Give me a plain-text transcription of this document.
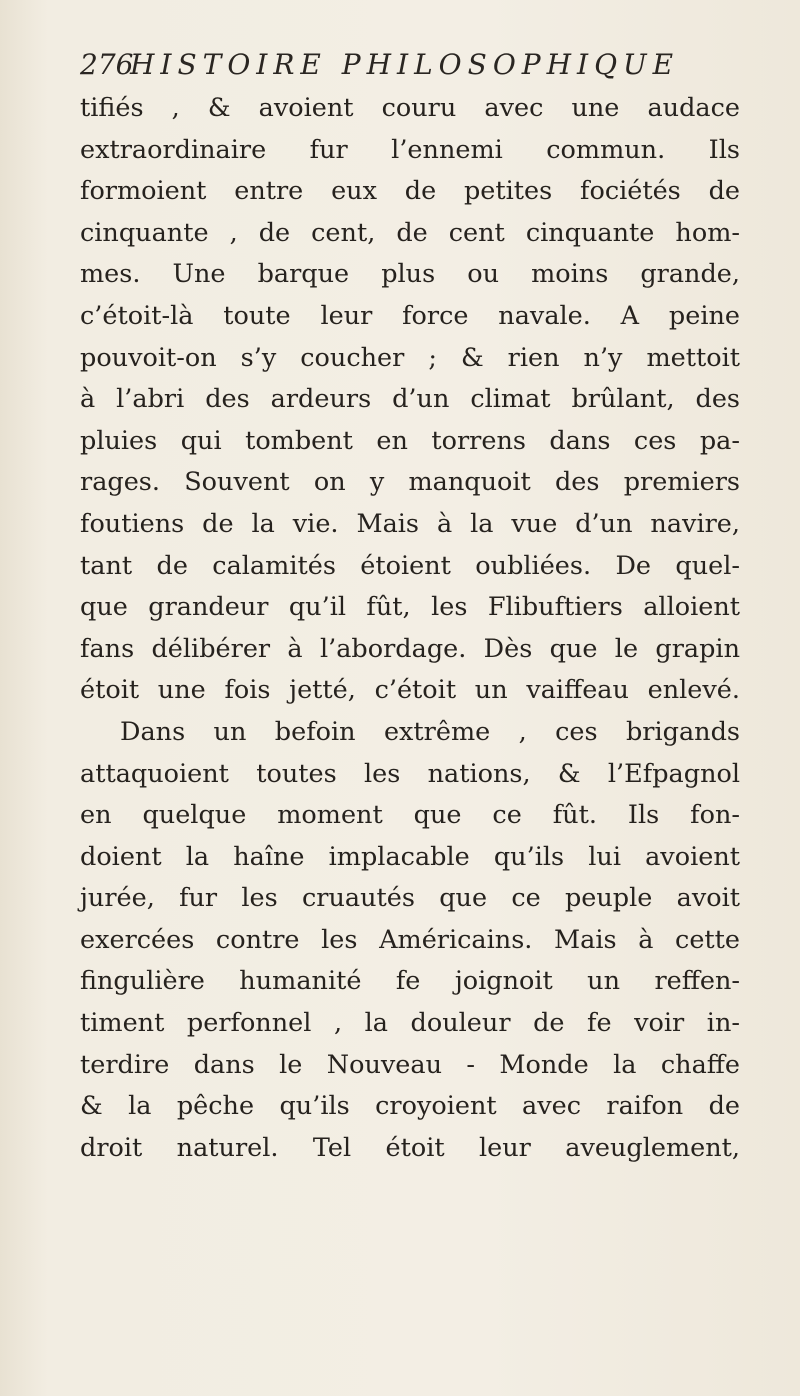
276
HISTOIRE PHILOSOPHIQUE
tifiés , & avoient couru avec une audace
extraordinaire fur l’ennemi commun. Ils
formoient entre eux de petites fociétés de
cinquante , de cent, de cent cinquante hom-
mes. Une barque plus ou moins grande,
c’étoit-là toute leur force navale. A peine
pouvoit-on s’y coucher ; & rien n’y mettoit
à l’abri des ardeurs d’un climat brûlant, des
pluies qui tombent en torrens dans ces pa-
rages. Souvent on y manquoit des premiers
foutiens de la vie. Mais à la vue d’un navire,
tant de calamités étoient oubliées. De quel-
que grandeur qu’il fût, les Flibuftiers alloient
fans délibérer à l’abordage. Dès que le grapin
étoit une fois jetté, c’étoit un vaiffeau enlevé.
Dans un befoin extrême , ces brigands
attaquoient toutes les nations, & l’Efpagnol
en quelque moment que ce fût. Ils fon-
doient la haîne implacable qu’ils lui avoient
jurée, fur les cruautés que ce peuple avoit
exercées contre les Américains. Mais à cette
fingulière humanité fe joignoit un reffen-
timent perfonnel , la douleur de fe voir in-
terdire dans le Nouveau - Monde la chaffe
& la pêche qu’ils croyoient avec raifon de
droit naturel. Tel étoit leur aveuglement,
